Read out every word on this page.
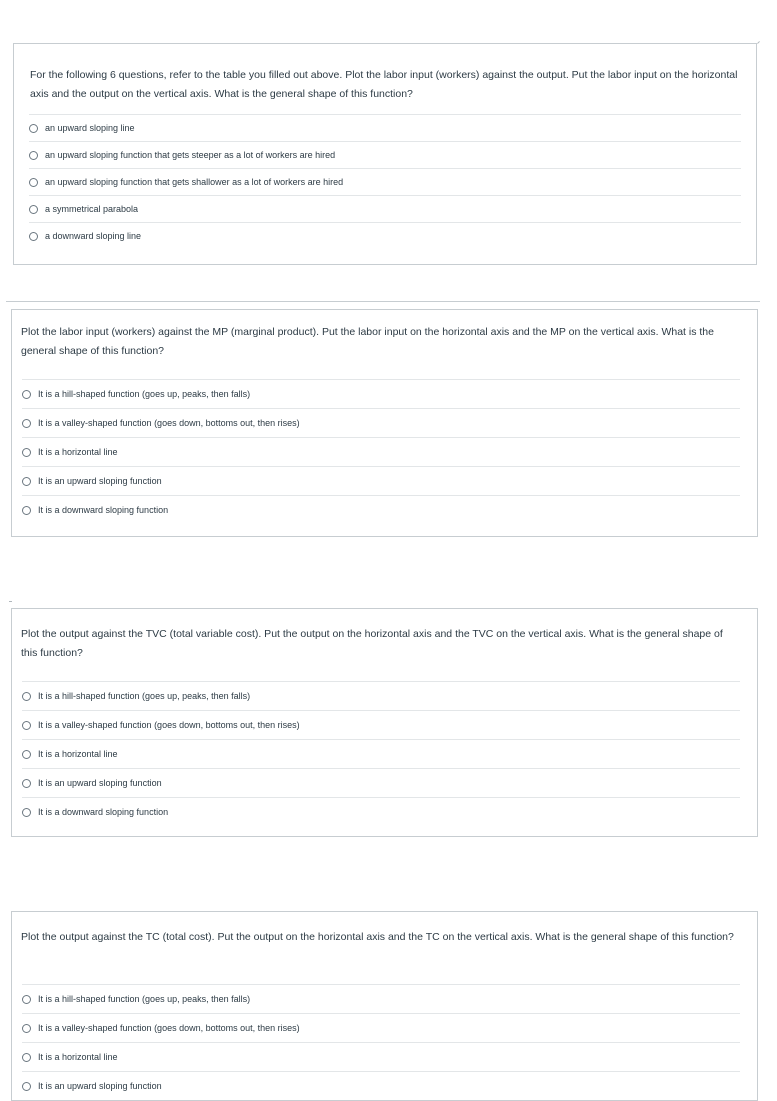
For the following 6 questions, refer to the table you filled out above. Plot the labor input (workers) against the output. Put the labor input on the horizontal axis and the output on the vertical axis. What is the general shape of this function?

an upward sloping line
an upward sloping function that gets steeper as a lot of workers are hired
an upward sloping function that gets shallower as a lot of workers are hired
a symmetrical parabola
a downward sloping line

Plot the labor input (workers) against the MP (marginal product). Put the labor input on the horizontal axis and the MP on the vertical axis. What is the general shape of this function?

It is a hill-shaped function (goes up, peaks, then falls)
It is a valley-shaped function (goes down, bottoms out, then rises)
It is a horizontal line
It is an upward sloping function
It is a downward sloping function

Plot the output against the TVC (total variable cost). Put the output on the horizontal axis and the TVC on the vertical axis. What is the general shape of this function?

It is a hill-shaped function (goes up, peaks, then falls)
It is a valley-shaped function (goes down, bottoms out, then rises)
It is a horizontal line
It is an upward sloping function
It is a downward sloping function

Plot the output against the TC (total cost). Put the output on the horizontal axis and the TC on the vertical axis. What is the general shape of this function?

It is a hill-shaped function (goes up, peaks, then falls)
It is a valley-shaped function (goes down, bottoms out, then rises)
It is a horizontal line
It is an upward sloping function
